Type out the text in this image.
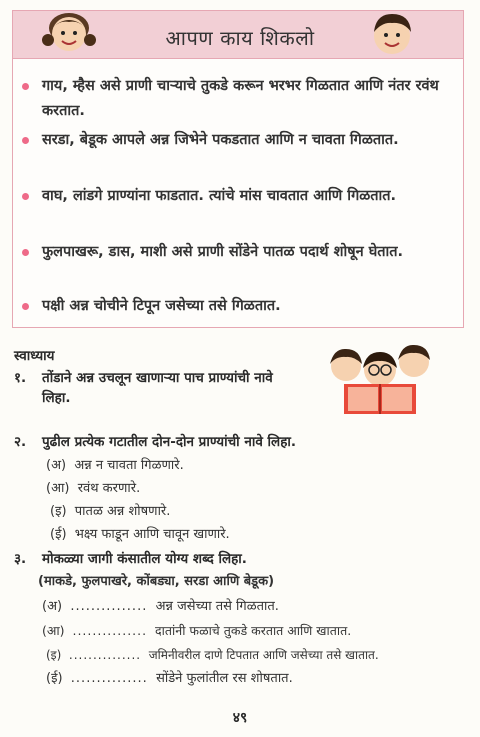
आपण काय शिकलो
गाय, म्हैस असे प्राणी चाऱ्याचे तुकडे करून भरभर गिळतात आणि नंतर रवंथ करतात.
सरडा, बेडूक आपले अन्न जिभेने पकडतात आणि न चावता गिळतात.
वाघ, लांडगे प्राण्यांना फाडतात. त्यांचे मांस चावतात आणि गिळतात.
फुलपाखरू, डास, माशी असे प्राणी सोंडेने पातळ पदार्थ शोषून घेतात.
पक्षी अन्न चोचीने टिपून जसेच्या तसे गिळतात.
स्वाध्याय
१.	तोंडाने अन्न उचलून खाणाऱ्या पाच प्राण्यांची नावे लिहा.
२.	पुढील प्रत्येक गटातील दोन-दोन प्राण्यांची नावे लिहा.
(अ) अन्न न चावता गिळणारे.
(आ) रवंथ करणारे.
(इ) पातळ अन्न शोषणारे.
(ई) भक्ष्य फाडून आणि चावून खाणारे.
३.	मोकळ्या जागी कंसातील योग्य शब्द लिहा.
(माकडे, फुलपाखरे, कोंबड्या, सरडा आणि बेडूक)
(अ) ............... अन्न जसेच्या तसे गिळतात.
(आ) ............... दातांनी फळाचे तुकडे करतात आणि खातात.
(इ) ............... जमिनीवरील दाणे टिपतात आणि जसेच्या तसे खातात.
(ई) ............... सोंडेने फुलांतील रस शोषतात.
४९
